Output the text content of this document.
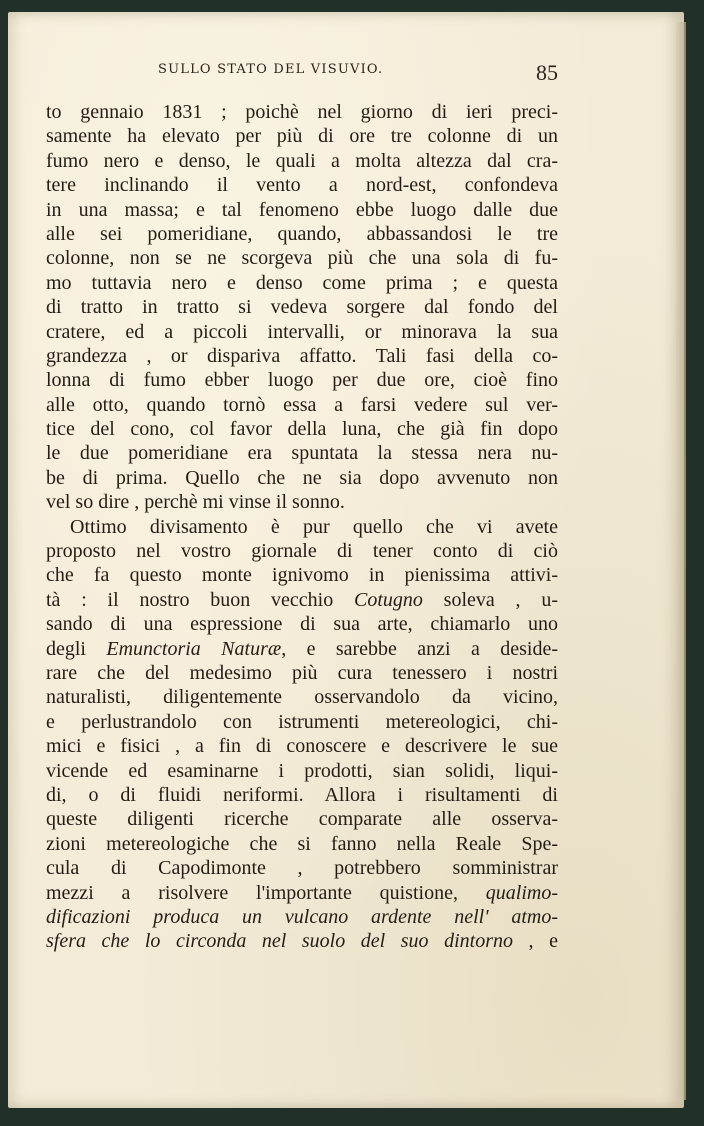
SULLO STATO DEL VISUVIO.	85

to gennaio 1831 ; poichè nel giorno di ieri preci-
samente ha elevato per più di ore tre colonne di un
fumo nero e denso, le quali a molta altezza dal cra-
tere inclinando il vento a nord-est, confondeva
in una massa; e tal fenomeno ebbe luogo dalle due
alle sei pomeridiane, quando, abbassandosi le tre
colonne, non se ne scorgeva più che una sola di fu-
mo tuttavia nero e denso come prima ; e questa
di tratto in tratto si vedeva sorgere dal fondo del
cratere, ed a piccoli intervalli, or minorava la sua
grandezza , or dispariva affatto. Tali fasi della co-
lonna di fumo ebber luogo per due ore, cioè fino
alle otto, quando tornò essa a farsi vedere sul ver-
tice del cono, col favor della luna, che già fin dopo
le due pomeridiane era spuntata la stessa nera nu-
be di prima. Quello che ne sia dopo avvenuto non
vel so dire , perchè mi vinse il sonno.
Ottimo divisamento è pur quello che vi avete
proposto nel vostro giornale di tener conto di ciò
che fa questo monte ignivomo in pienissima attivi-
tà : il nostro buon vecchio Cotugno soleva , u-
sando di una espressione di sua arte, chiamarlo uno
degli Emunctoria Naturæ, e sarebbe anzi a deside-
rare che del medesimo più cura tenessero i nostri
naturalisti, diligentemente osservandolo da vicino,
e perlustrandolo con istrumenti metereologici, chi-
mici e fisici , a fin di conoscere e descrivere le sue
vicende ed esaminarne i prodotti, sian solidi, liqui-
di, o di fluidi neriformi. Allora i risultamenti di
queste diligenti ricerche comparate alle osserva-
zioni metereologiche che si fanno nella Reale Spe-
cula di Capodimonte , potrebbero somministrar
mezzi a risolvere l'importante quistione, qualimo-
dificazioni produca un vulcano ardente nell' atmo-
sfera che lo circonda nel suolo del suo dintorno , e
